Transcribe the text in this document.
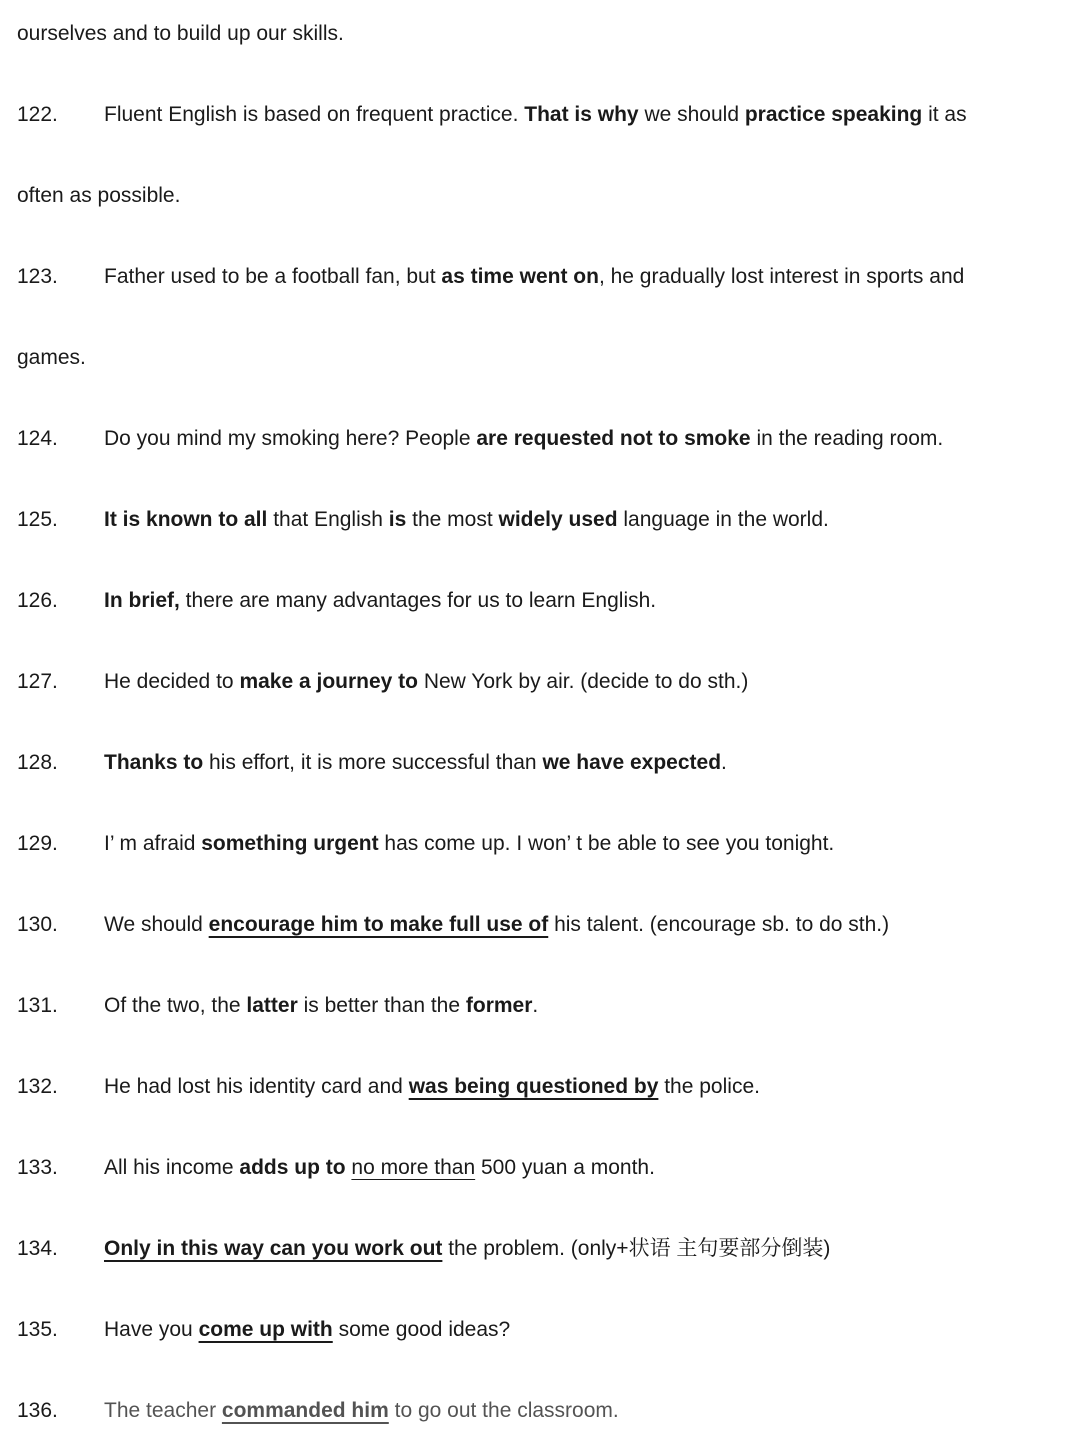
ourselves and to build up our skills.
122. Fluent English is based on frequent practice. That is why we should practice speaking it as
often as possible.
123. Father used to be a football fan, but as time went on, he gradually lost interest in sports and
games.
124. Do you mind my smoking here? People are requested not to smoke in the reading room.
125. It is known to all that English is the most widely used language in the world.
126. In brief, there are many advantages for us to learn English.
127. He decided to make a journey to New York by air. (decide to do sth.)
128. Thanks to his effort, it is more successful than we have expected.
129. I’ m afraid something urgent has come up. I won’ t be able to see you tonight.
130. We should encourage him to make full use of his talent. (encourage sb. to do sth.)
131. Of the two, the latter is better than the former.
132. He had lost his identity card and was being questioned by the police.
133. All his income adds up to no more than 500 yuan a month.
134. Only in this way can you work out the problem. (only+状语 主句要部分倒装)
135. Have you come up with some good ideas?
136. The teacher commanded him to go out the classroom.
